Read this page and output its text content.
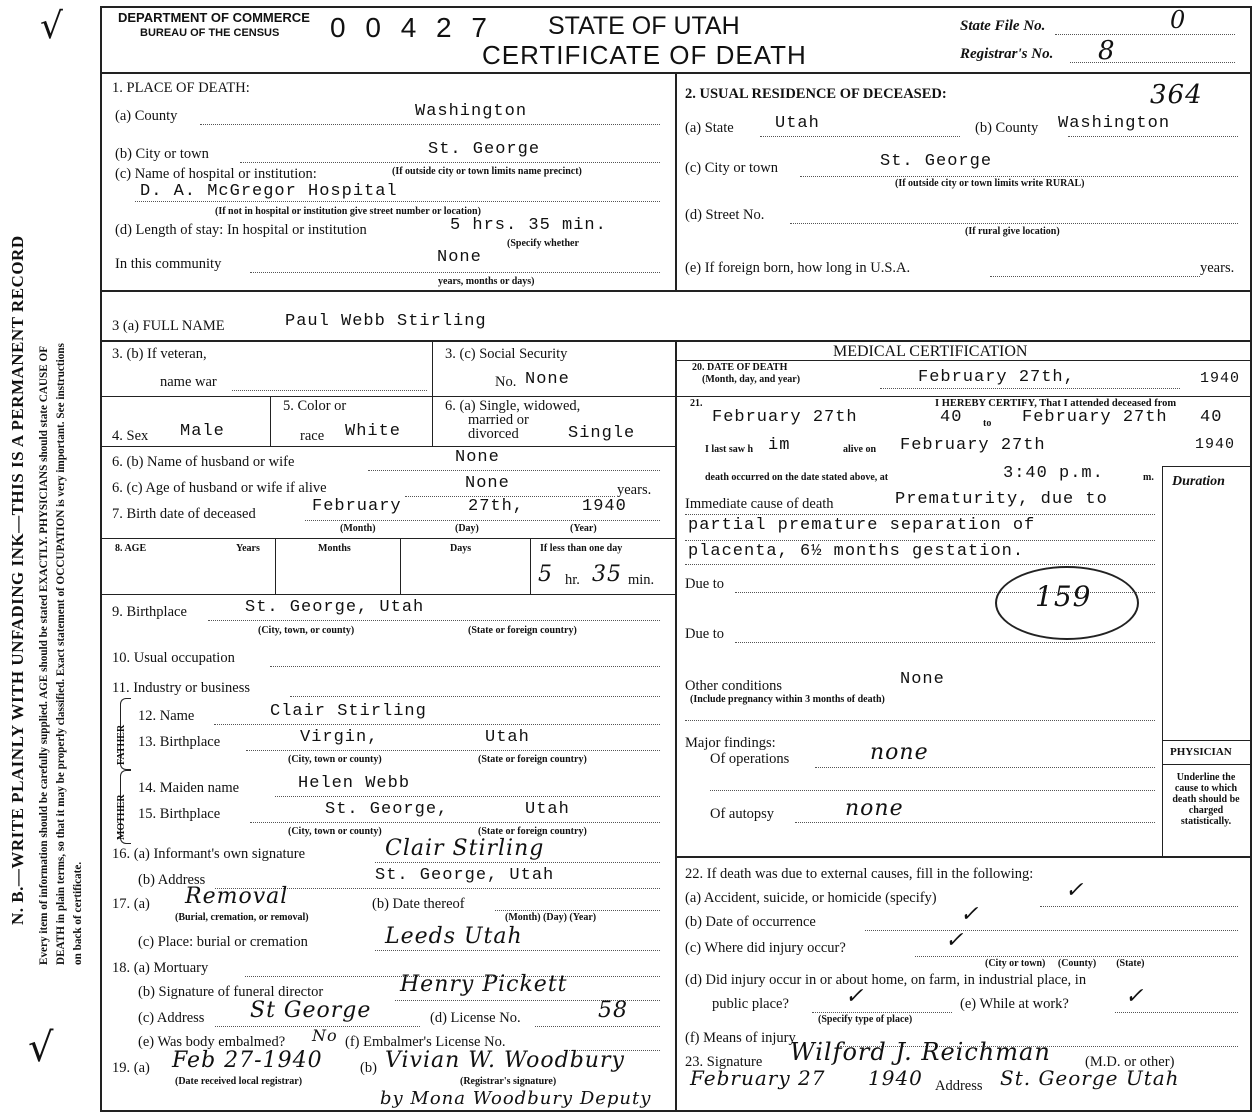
√
N. B.—WRITE PLAINLY WITH UNFADING INK—THIS IS A PERMANENT RECORD Every item of information should be carefully supplied. AGE should be stated EXACTLY. PHYSICIANS should state CAUSE OF DEATH in plain terms, so that it may be properly classified. Exact statement of OCCUPATION is very important. See instructions on back of certificate.
√
DEPARTMENT OF COMMERCE
BUREAU OF THE CENSUS 0 0 4 2 7 STATE OF UTAH
CERTIFICATE OF DEATH
State File No.	0
Registrar's No. 8
1. PLACE OF DEATH:
(a) County	Washington
(b) City or town	St. George
(c) Name of hospital or institution:	(If outside city or town limits name precinct)
D. A. McGregor Hospital
(If not in hospital or institution give street number or location)
(d) Length of stay: In hospital or institution	5 hrs. 35 min.
(Specify whether
In this community	None
years, months or days)
2. USUAL RESIDENCE OF DECEASED:	364
(a) State Utah	(b) County Washington
(c) City or town	St. George
(If outside city or town limits write RURAL)
(d) Street No.
(If rural give location)
(e) If foreign born, how long in U.S.A.	years.
3 (a) FULL NAME	Paul Webb Stirling
3. (b) If veteran,
name war
3. (c) Social Security
No. None
4. Sex Male
5. Color or
race White
6. (a) Single, widowed,
married or
divorced	Single
6. (b) Name of husband or wife	None
6. (c) Age of husband or wife if alive	None	years.
7. Birth date of deceased	February	27th,	1940
(Month)	(Day)	(Year)
8. AGE	Years	Months	Days	If less than one day
5 hr. 35 min.
9. Birthplace	St. George, Utah
(City, town, or county)	(State or foreign country)
10. Usual occupation
11. Industry or business
FATHER
12. Name	Clair Stirling
13. Birthplace	Virgin,	Utah
(City, town or county)	(State or foreign country)
MOTHER
14. Maiden name	Helen Webb
15. Birthplace	St. George,	Utah
(City, town or county)	(State or foreign country)
16. (a) Informant's own signature	Clair Stirling
(b) Address	St. George, Utah
17. (a) Removal
(Burial, cremation, or removal)
(b) Date thereof
(Month) (Day) (Year)
(c) Place: burial or cremation	Leeds Utah
18. (a) Mortuary
(b) Signature of funeral director	Henry Pickett
(c) Address St George	(d) License No.	58
(e) Was body embalmed? No (f) Embalmer's License No.
19. (a) Feb 27-1940
(Date received local registrar)
(b) Vivian W. Woodbury
(Registrar's signature)
by Mona Woodbury Deputy
MEDICAL CERTIFICATION
20. DATE OF DEATH
(Month, day, and year)	February 27th,	1940
21.	I HEREBY CERTIFY, That I attended deceased from
February 27th	40 to February 27th 40
I last saw h im	alive on February 27th	1940
death occurred on the date stated above, at	3:40 p.m.	m. Duration
Immediate cause of death	Prematurity, due to
partial premature separation of
placenta, 6½ months gestation.
Due to	159
Due to
Other conditions
(Include pregnancy within 3 months of death)
None
Major findings:
Of operations	none
Of autopsy	none
PHYSICIAN
Underline the cause to which death should be charged statistically.
22. If death was due to external causes, fill in the following:
(a) Accident, suicide, or homicide (specify)	✓
(b) Date of occurrence	✓
(c) Where did injury occur?	✓
(City or town)     (County)        (State)
(d) Did injury occur in or about home, on farm, in industrial place, in
public place?	✓
(Specify type of place)
(e) While at work?	✓
(f) Means of injury
23. Signature Wilford J. Reichman (M.D. or other)
February 27 1940 Address St. George Utah
